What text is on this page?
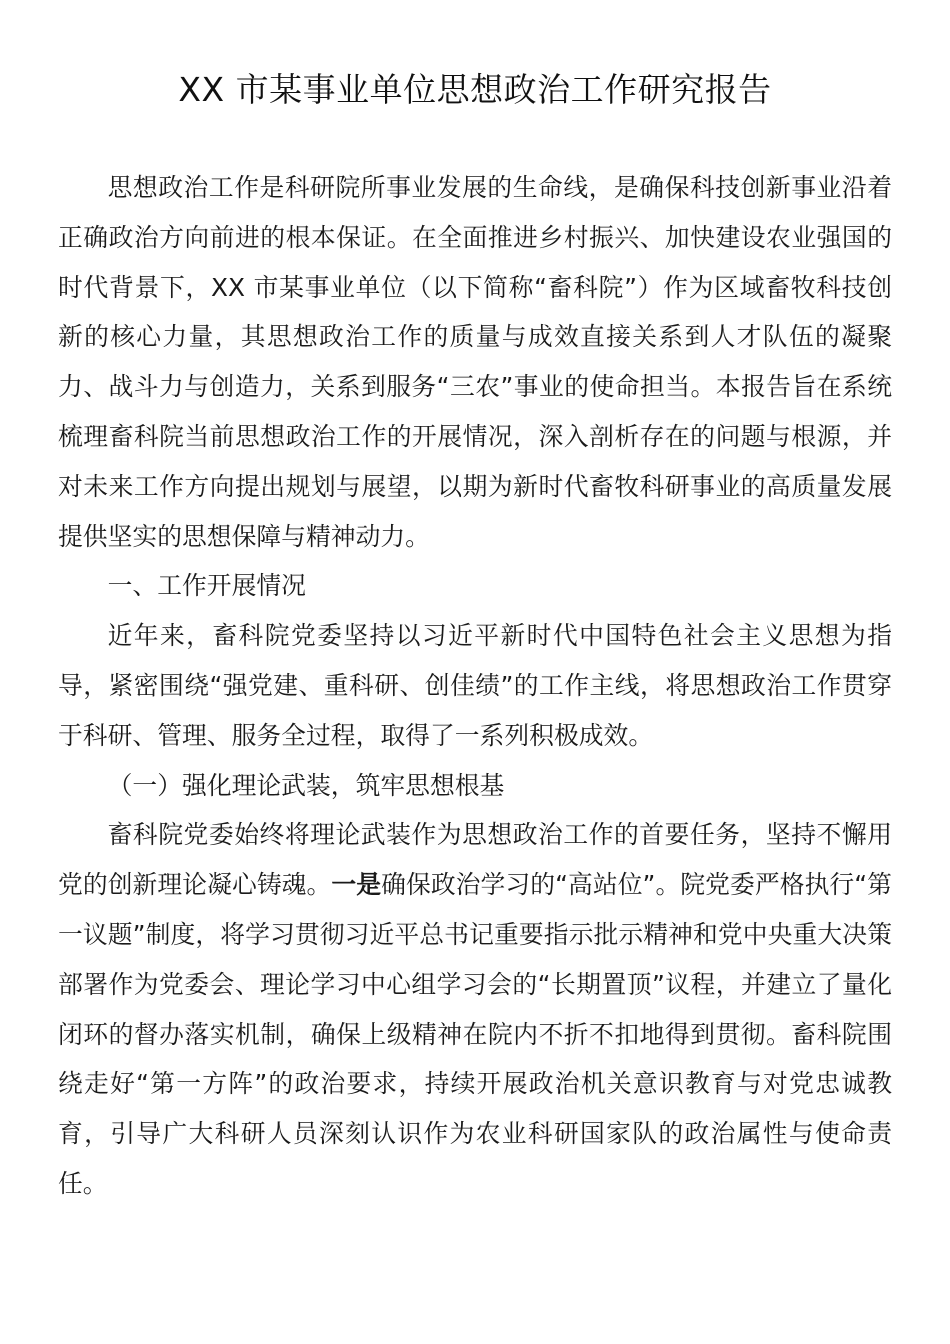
XX 市某事业单位思想政治工作研究报告

思想政治工作是科研院所事业发展的生命线，是确保科技创新事业沿着正确政治方向前进的根本保证。在全面推进乡村振兴、加快建设农业强国的时代背景下，XX 市某事业单位（以下简称“畜科院”）作为区域畜牧科技创新的核心力量，其思想政治工作的质量与成效直接关系到人才队伍的凝聚力、战斗力与创造力，关系到服务“三农”事业的使命担当。本报告旨在系统梳理畜科院当前思想政治工作的开展情况，深入剖析存在的问题与根源，并对未来工作方向提出规划与展望，以期为新时代畜牧科研事业的高质量发展提供坚实的思想保障与精神动力。

一、工作开展情况

近年来，畜科院党委坚持以习近平新时代中国特色社会主义思想为指导，紧密围绕“强党建、重科研、创佳绩”的工作主线，将思想政治工作贯穿于科研、管理、服务全过程，取得了一系列积极成效。

（一）强化理论武装，筑牢思想根基

畜科院党委始终将理论武装作为思想政治工作的首要任务，坚持不懈用党的创新理论凝心铸魂。一是确保政治学习的“高站位”。院党委严格执行“第一议题”制度，将学习贯彻习近平总书记重要指示批示精神和党中央重大决策部署作为党委会、理论学习中心组学习会的“长期置顶”议程，并建立了量化闭环的督办落实机制，确保上级精神在院内不折不扣地得到贯彻。畜科院围绕走好“第一方阵”的政治要求，持续开展政治机关意识教育与对党忠诚教育，引导广大科研人员深刻认识作为农业科研国家队的政治属性与使命责任。
